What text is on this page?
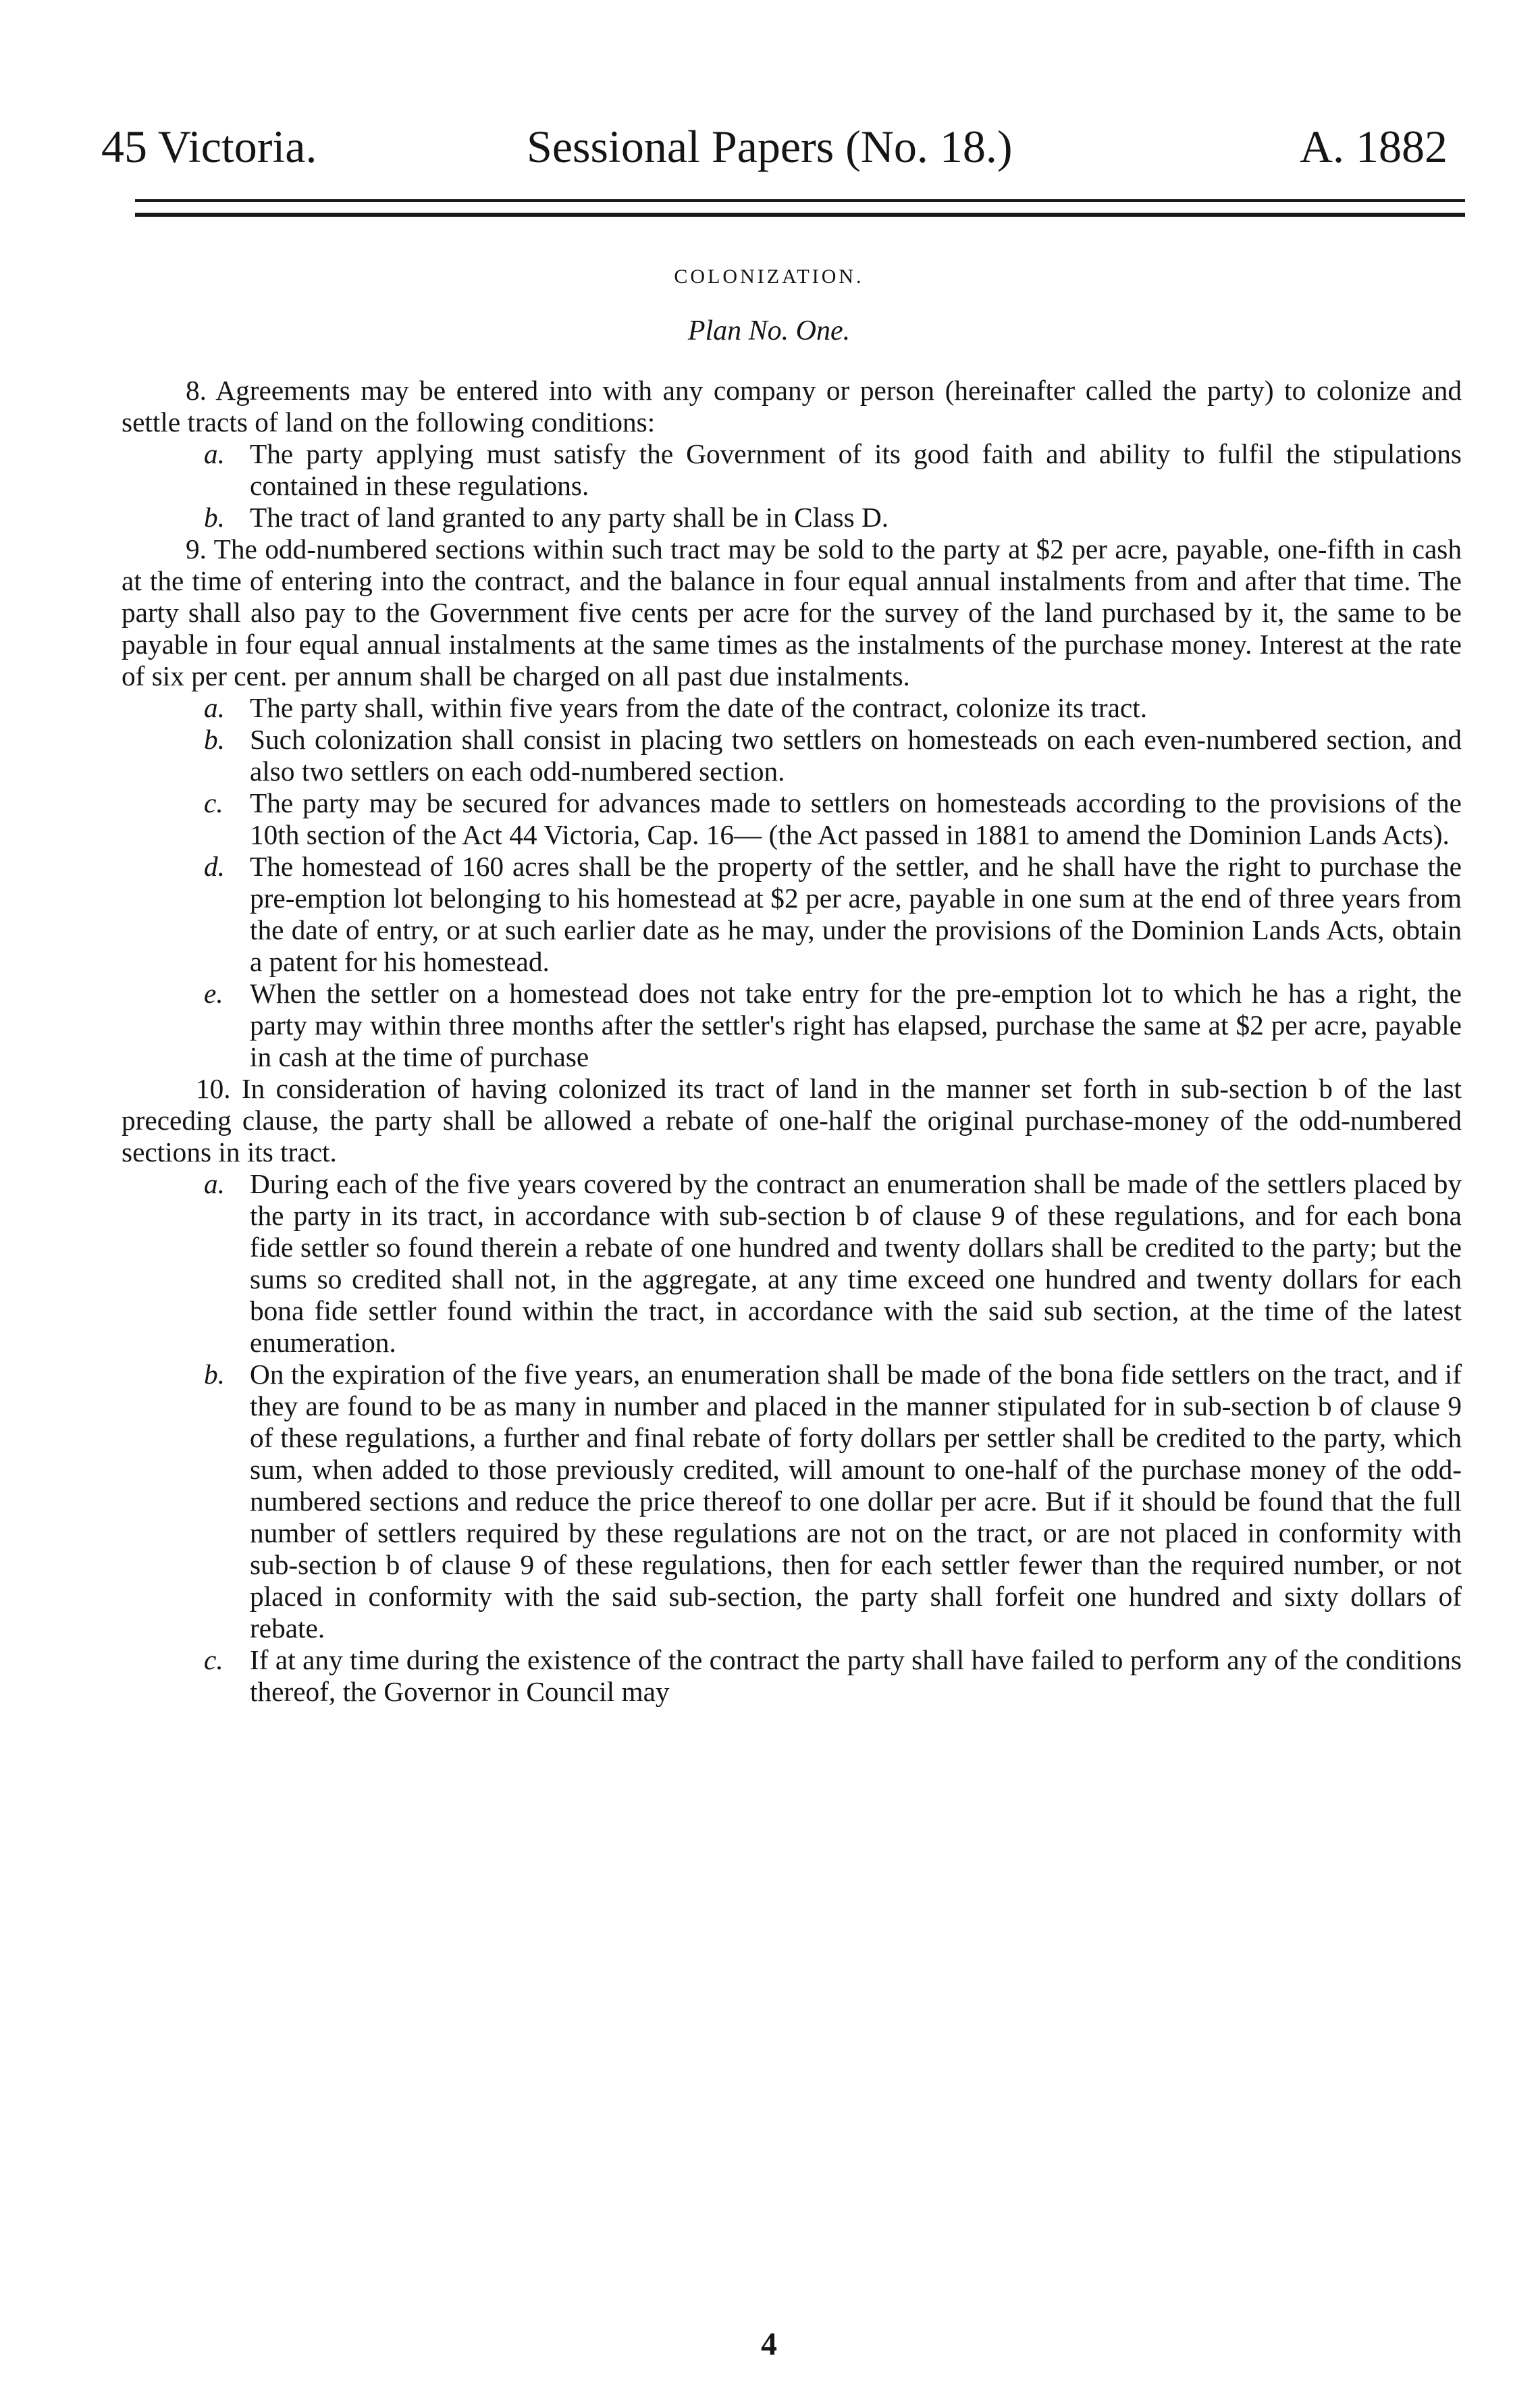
45 Victoria.	Sessional Papers (No. 18.)	A. 1882
COLONIZATION.
Plan No. One.

8. Agreements may be entered into with any company or person (hereinafter called the party) to colonize and settle tracts of land on the following conditions:

a. The party applying must satisfy the Government of its good faith and ability to fulfil the stipulations contained in these regulations.

b. The tract of land granted to any party shall be in Class D.

9. The odd-numbered sections within such tract may be sold to the party at $2 per acre, payable, one-fifth in cash at the time of entering into the contract, and the balance in four equal annual instalments from and after that time. The party shall also pay to the Government five cents per acre for the survey of the land purchased by it, the same to be payable in four equal annual instalments at the same times as the instalments of the purchase money. Interest at the rate of six per cent. per annum shall be charged on all past due instalments.

a. The party shall, within five years from the date of the contract, colonize its tract.

b. Such colonization shall consist in placing two settlers on homesteads on each even-numbered section, and also two settlers on each odd-numbered section.

c. The party may be secured for advances made to settlers on homesteads according to the provisions of the 10th section of the Act 44 Victoria, Cap. 16— (the Act passed in 1881 to amend the Dominion Lands Acts).

d. The homestead of 160 acres shall be the property of the settler, and he shall have the right to purchase the pre-emption lot belonging to his homestead at $2 per acre, payable in one sum at the end of three years from the date of entry, or at such earlier date as he may, under the provisions of the Dominion Lands Acts, obtain a patent for his homestead.

e. When the settler on a homestead does not take entry for the pre-emption lot to which he has a right, the party may within three months after the settler's right has elapsed, purchase the same at $2 per acre, payable in cash at the time of purchase

10. In consideration of having colonized its tract of land in the manner set forth in sub-section b of the last preceding clause, the party shall be allowed a rebate of one-half the original purchase-money of the odd-numbered sections in its tract.

a. During each of the five years covered by the contract an enumeration shall be made of the settlers placed by the party in its tract, in accordance with sub-section b of clause 9 of these regulations, and for each bona fide settler so found therein a rebate of one hundred and twenty dollars shall be credited to the party; but the sums so credited shall not, in the aggregate, at any time exceed one hundred and twenty dollars for each bona fide settler found within the tract, in accordance with the said sub section, at the time of the latest enumeration.

b. On the expiration of the five years, an enumeration shall be made of the bona fide settlers on the tract, and if they are found to be as many in number and placed in the manner stipulated for in sub-section b of clause 9 of these regulations, a further and final rebate of forty dollars per settler shall be credited to the party, which sum, when added to those previously credited, will amount to one-half of the purchase money of the odd-numbered sections and reduce the price thereof to one dollar per acre. But if it should be found that the full number of settlers required by these regulations are not on the tract, or are not placed in conformity with sub-section b of clause 9 of these regulations, then for each settler fewer than the required number, or not placed in conformity with the said sub-section, the party shall forfeit one hundred and sixty dollars of rebate.

c. If at any time during the existence of the contract the party shall have failed to perform any of the conditions thereof, the Governor in Council may

4
